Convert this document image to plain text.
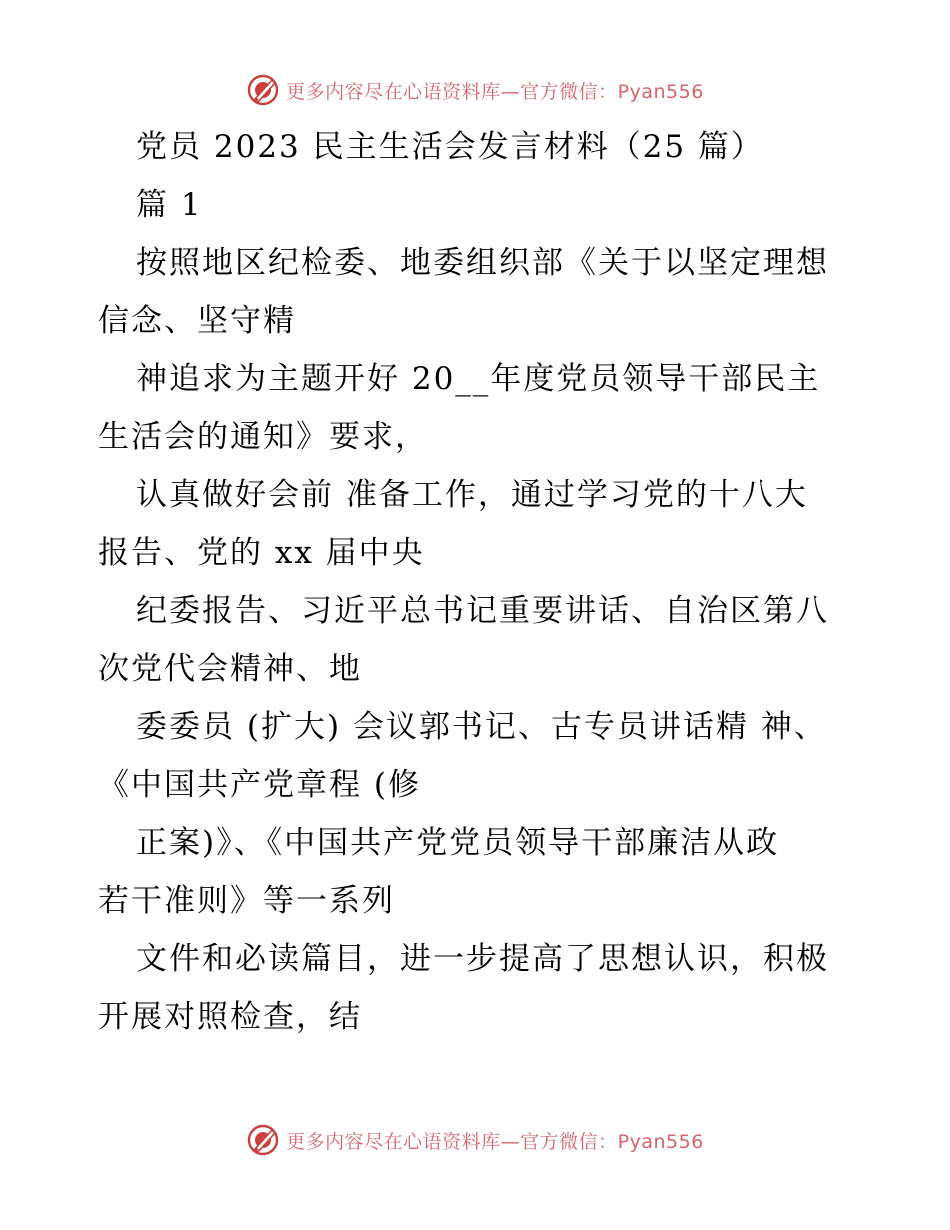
更多内容尽在心语资料库—官方微信：Pyan556
党员 2023 民主生活会发言材料（25 篇）
篇 1
按照地区纪检委、地委组织部《关于以坚定理想
信念、坚守精
神追求为主题开好 20__年度党员领导干部民主
生活会的通知》要求，
认真做好会前 准备工作，通过学习党的十八大
报告、党的 xx 届中央
纪委报告、习近平总书记重要讲话、自治区第八
次党代会精神、地
委委员 (扩大) 会议郭书记、古专员讲话精 神、
《中国共产党章程 (修
正案)》、《中国共产党党员领导干部廉洁从政
若干准则》等一系列
文件和必读篇目，进一步提高了思想认识，积极
开展对照检查，结
更多内容尽在心语资料库—官方微信：Pyan556
